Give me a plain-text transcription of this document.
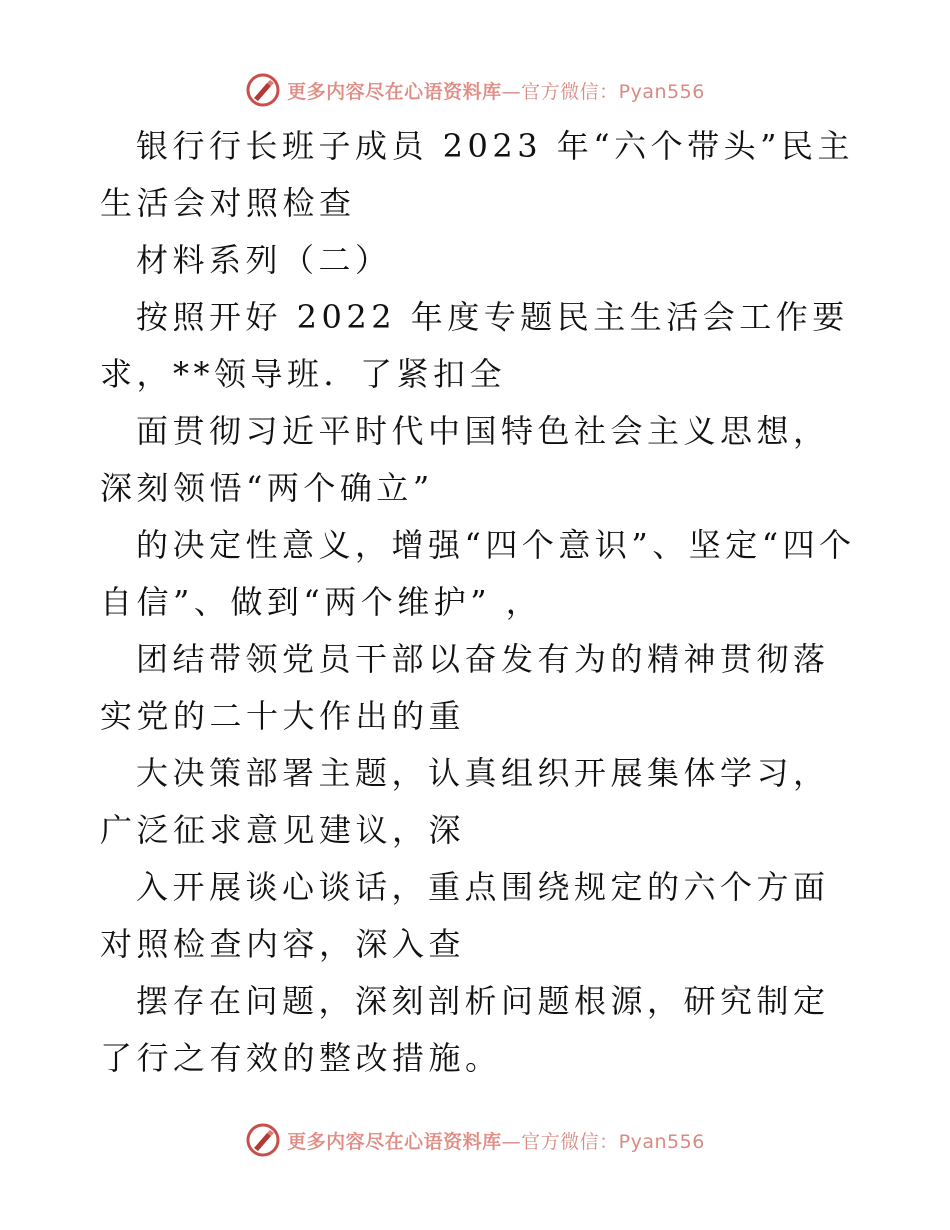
更多内容尽在心语资料库—官方微信：Pyan556

银行行长班子成员 2023 年“六个带头”民主生活会对照检查

材料系列（二）

按照开好 2022 年度专题民主生活会工作要求，**领导班．了紧扣全

面贯彻习近平时代中国特色社会主义思想，深刻领悟“两个确立”

的决定性意义，增强“四个意识”、坚定“四个自信”、做到“两个维护” ，

团结带领党员干部以奋发有为的精神贯彻落实党的二十大作出的重

大决策部署主题，认真组织开展集体学习，广泛征求意见建议，深

入开展谈心谈话，重点围绕规定的六个方面对照检查内容，深入查

摆存在问题，深刻剖析问题根源，研究制定了行之有效的整改措施。

更多内容尽在心语资料库—官方微信：Pyan556
